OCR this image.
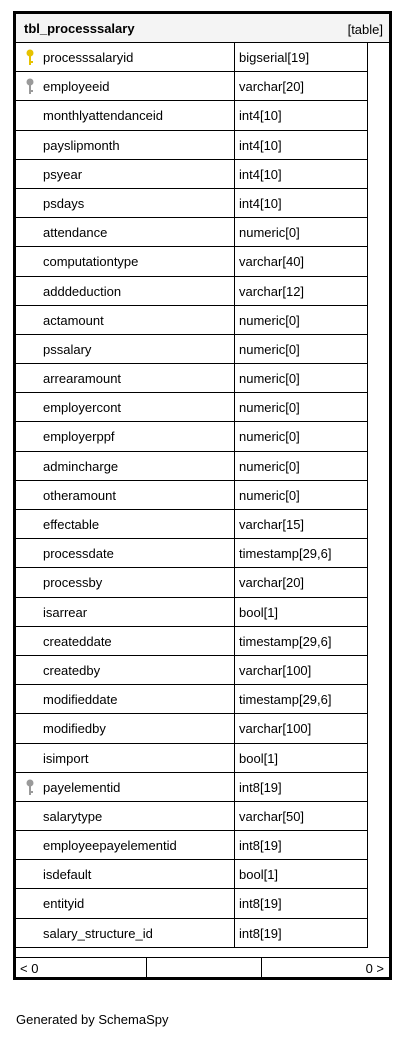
tbl_processsalary	[table]
processsalaryid	bigserial[19]
employeeid	varchar[20]
monthlyattendanceid	int4[10]
payslipmonth	int4[10]
psyear	int4[10]
psdays	int4[10]
attendance	numeric[0]
computationtype	varchar[40]
adddeduction	varchar[12]
actamount	numeric[0]
pssalary	numeric[0]
arrearamount	numeric[0]
employercont	numeric[0]
employerppf	numeric[0]
admincharge	numeric[0]
otheramount	numeric[0]
effectable	varchar[15]
processdate	timestamp[29,6]
processby	varchar[20]
isarrear	bool[1]
createddate	timestamp[29,6]
createdby	varchar[100]
modifieddate	timestamp[29,6]
modifiedby	varchar[100]
isimport	bool[1]
payelementid	int8[19]
salarytype	varchar[50]
employeepayelementid	int8[19]
isdefault	bool[1]
entityid	int8[19]
salary_structure_id	int8[19]
< 0	0 >
Generated by SchemaSpy
